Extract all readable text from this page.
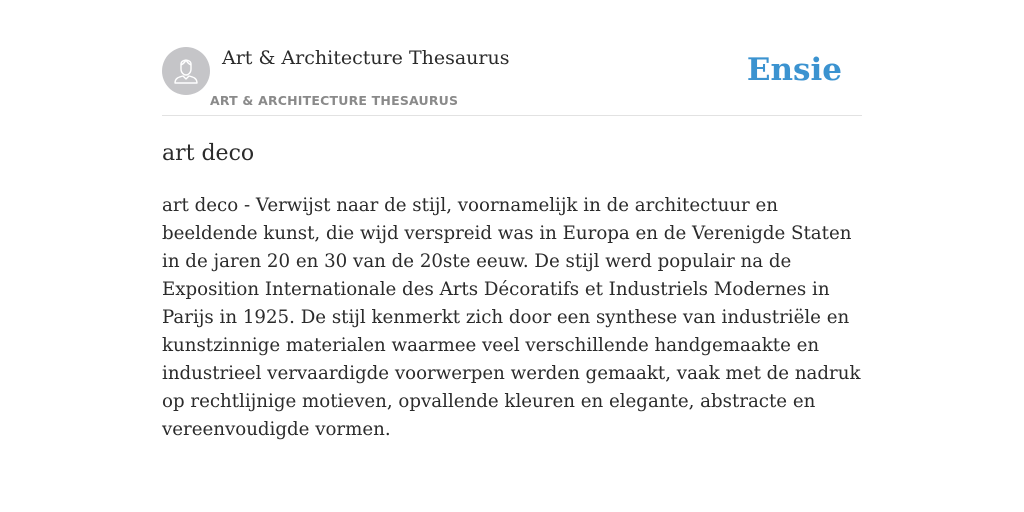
Art & Architecture Thesaurus
ART & ARCHITECTURE THESAURUS
Ensie
art deco

art deco - Verwijst naar de stijl, voornamelijk in de architectuur en beeldende kunst, die wijd verspreid was in Europa en de Verenigde Staten in de jaren 20 en 30 van de 20ste eeuw. De stijl werd populair na de Exposition Internationale des Arts Décoratifs et Industriels Modernes in Parijs in 1925. De stijl kenmerkt zich door een synthese van industriële en kunstzinnige materialen waarmee veel verschillende handgemaakte en industrieel vervaardigde voorwerpen werden gemaakt, vaak met de nadruk op rechtlijnige motieven, opvallende kleuren en elegante, abstracte en vereenvoudigde vormen.
